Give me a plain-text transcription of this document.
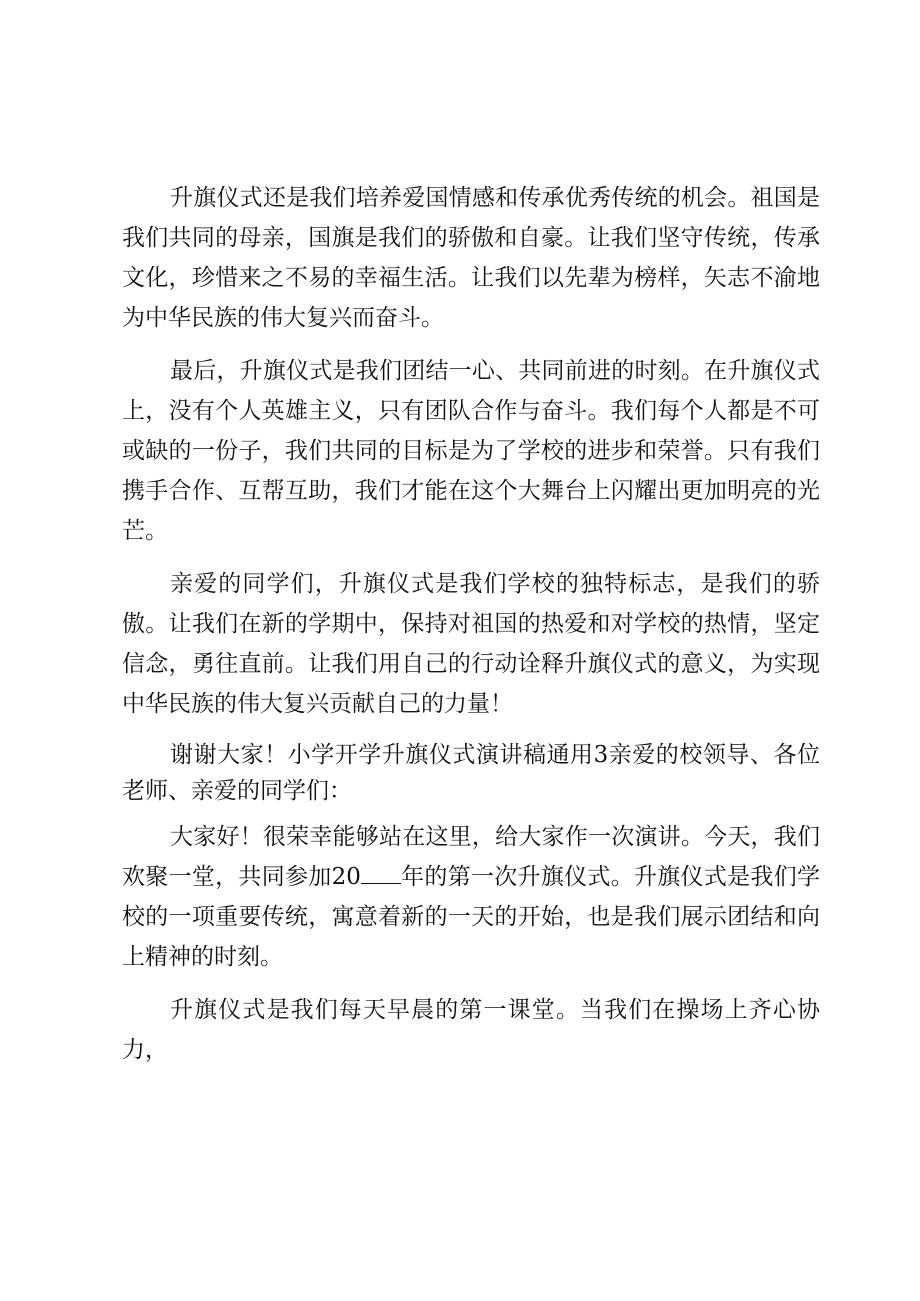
升旗仪式还是我们培养爱国情感和传承优秀传统的机会。祖国是我们共同的母亲，国旗是我们的骄傲和自豪。让我们坚守传统，传承文化，珍惜来之不易的幸福生活。让我们以先辈为榜样，矢志不渝地为中华民族的伟大复兴而奋斗。

最后，升旗仪式是我们团结一心、共同前进的时刻。在升旗仪式上，没有个人英雄主义，只有团队合作与奋斗。我们每个人都是不可或缺的一份子，我们共同的目标是为了学校的进步和荣誉。只有我们携手合作、互帮互助，我们才能在这个大舞台上闪耀出更加明亮的光芒。

亲爱的同学们，升旗仪式是我们学校的独特标志，是我们的骄傲。让我们在新的学期中，保持对祖国的热爱和对学校的热情，坚定信念，勇往直前。让我们用自己的行动诠释升旗仪式的意义，为实现中华民族的伟大复兴贡献自己的力量！

谢谢大家！小学开学升旗仪式演讲稿通用3亲爱的校领导、各位老师、亲爱的同学们：

大家好！很荣幸能够站在这里，给大家作一次演讲。今天，我们欢聚一堂，共同参加20 年的第一次升旗仪式。升旗仪式是我们学校的一项重要传统，寓意着新的一天的开始，也是我们展示团结和向上精神的时刻。

升旗仪式是我们每天早晨的第一课堂。当我们在操场上齐心协力，
